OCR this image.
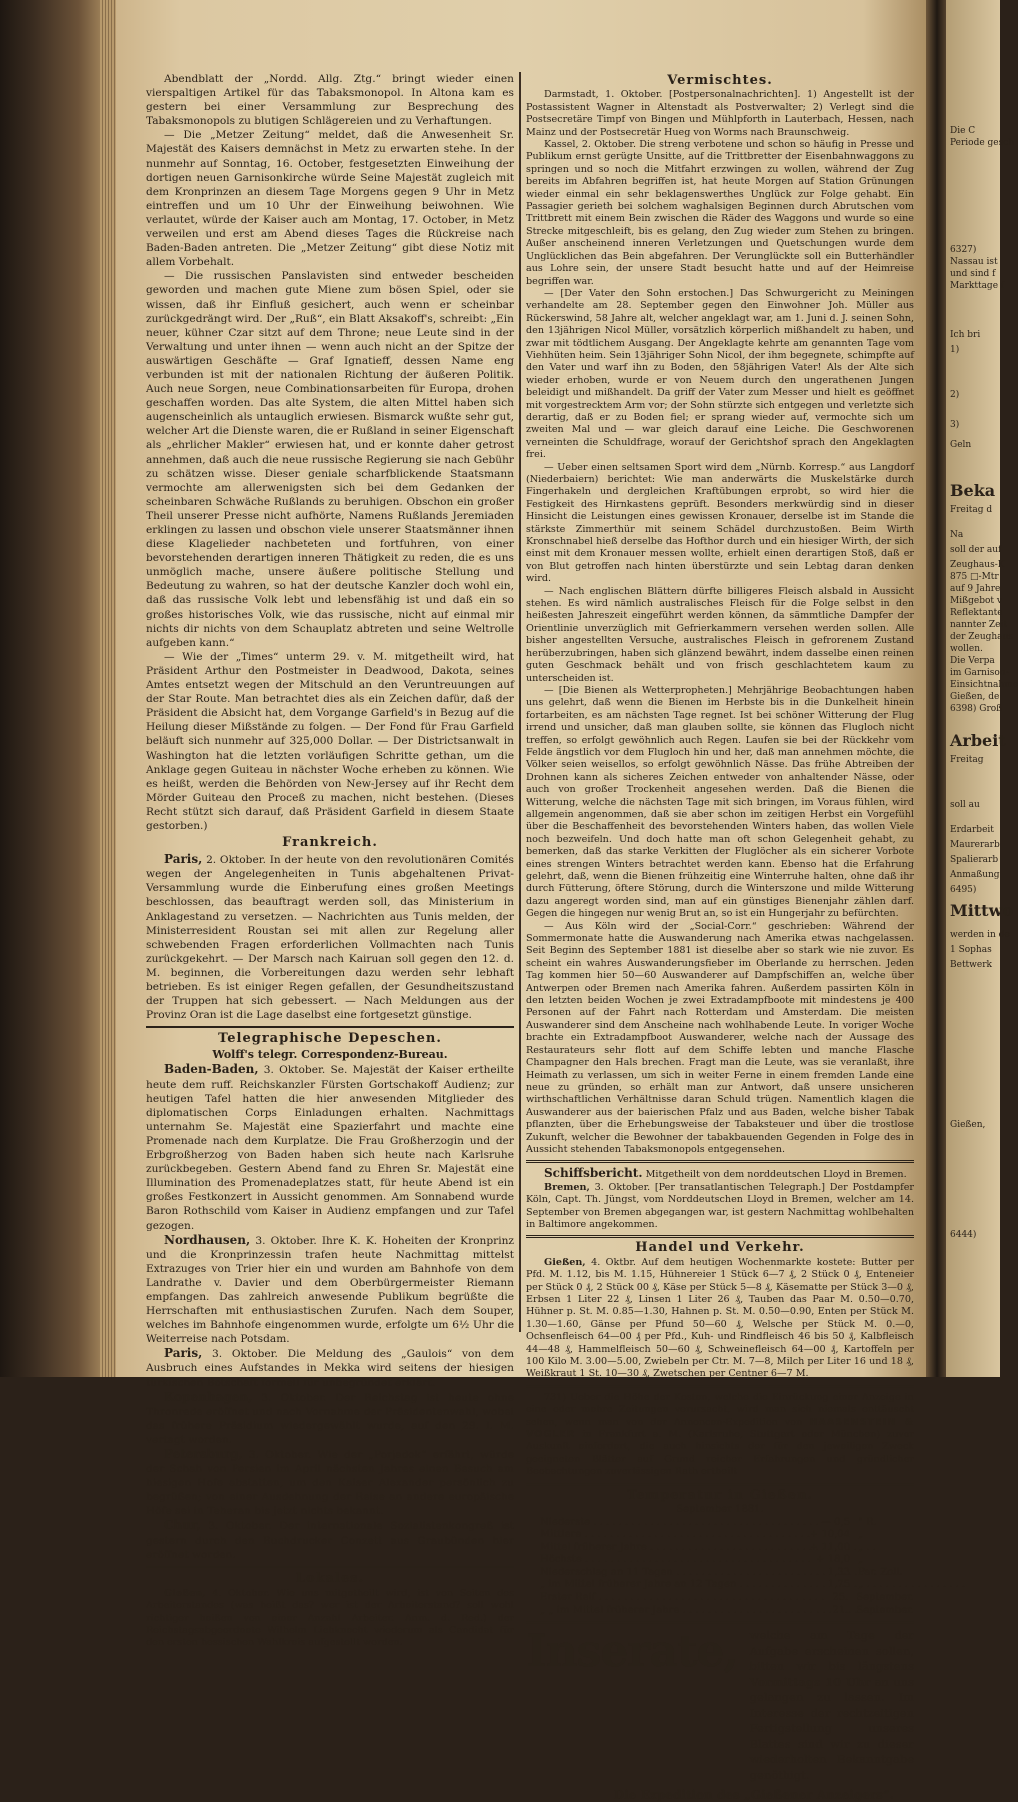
Die C
Periode gesch
6327)
Nassau ist
und sind f
Markttage f
Ich bri
1)
2)
3)
Geln
Beka
Freitag d
Na
soll der auf
Zeughaus-K
875 □-Mtr
auf 9 Jahre
Mißgebot v
Reflektante
nannter Zeit
der Zeughaus
wollen.
Die Verpa
im Garnison-
Einsichtnahme
Gießen, de
6398) Groß
Arbeit
Freitag
soll au
Erdarbeit
Maurerarb
Spalierarb
Anmaßung
6495)
Mittwo
werden in de
1 Sophas
Bettwerk
Gießen,
6444)

Abendblatt der „Nordd. Allg. Ztg.“ bringt wieder einen vierspaltigen Artikel für das Tabaksmonopol. In Altona kam es gestern bei einer Versammlung zur Besprechung des Tabaksmonopols zu blutigen Schlägereien und zu Verhaftungen.

— Die „Metzer Zeitung“ meldet, daß die Anwesenheit Sr. Majestät des Kaisers demnächst in Metz zu erwarten stehe. In der nunmehr auf Sonntag, 16. October, festgesetzten Einweihung der dortigen neuen Garnisonkirche würde Seine Majestät zugleich mit dem Kronprinzen an diesem Tage Morgens gegen 9 Uhr in Metz eintreffen und um 10 Uhr der Einweihung beiwohnen. Wie verlautet, würde der Kaiser auch am Montag, 17. October, in Metz verweilen und erst am Abend dieses Tages die Rückreise nach Baden-Baden antreten. Die „Metzer Zeitung“ gibt diese Notiz mit allem Vorbehalt.

— Die russischen Panslavisten sind entweder bescheiden geworden und machen gute Miene zum bösen Spiel, oder sie wissen, daß ihr Einfluß gesichert, auch wenn er scheinbar zurückgedrängt wird. Der „Ruß“, ein Blatt Aksakoff's, schreibt: „Ein neuer, kühner Czar sitzt auf dem Throne; neue Leute sind in der Verwaltung und unter ihnen — wenn auch nicht an der Spitze der auswärtigen Geschäfte — Graf Ignatieff, dessen Name eng verbunden ist mit der nationalen Richtung der äußeren Politik. Auch neue Sorgen, neue Combinationsarbeiten für Europa, drohen geschaffen worden. Das alte System, die alten Mittel haben sich augenscheinlich als untauglich erwiesen. Bismarck wußte sehr gut, welcher Art die Dienste waren, die er Rußland in seiner Eigenschaft als „ehrlicher Makler“ erwiesen hat, und er konnte daher getrost annehmen, daß auch die neue russische Regierung sie nach Gebühr zu schätzen wisse. Dieser geniale scharfblickende Staatsmann vermochte am allerwenigsten sich bei dem Gedanken der scheinbaren Schwäche Rußlands zu beruhigen. Obschon ein großer Theil unserer Presse nicht aufhörte, Namens Rußlands Jeremiaden erklingen zu lassen und obschon viele unserer Staatsmänner ihnen diese Klagelieder nachbeteten und fortfuhren, von einer bevorstehenden derartigen inneren Thätigkeit zu reden, die es uns unmöglich mache, unsere äußere politische Stellung und Bedeutung zu wahren, so hat der deutsche Kanzler doch wohl ein, daß das russische Volk lebt und lebensfähig ist und daß ein so großes historisches Volk, wie das russische, nicht auf einmal mir nichts dir nichts von dem Schauplatz abtreten und seine Weltrolle aufgeben kann.“

— Wie der „Times“ unterm 29. v. M. mitgetheilt wird, hat Präsident Arthur den Postmeister in Deadwood, Dakota, seines Amtes entsetzt wegen der Mitschuld an den Veruntreuungen auf der Star Route. Man betrachtet dies als ein Zeichen dafür, daß der Präsident die Absicht hat, dem Vorgange Garfield's in Bezug auf die Heilung dieser Mißstände zu folgen. — Der Fond für Frau Garfield beläuft sich nunmehr auf 325,000 Dollar. — Der Districtsanwalt in Washington hat die letzten vorläufigen Schritte gethan, um die Anklage gegen Guiteau in nächster Woche erheben zu können. Wie es heißt, werden die Behörden von New-Jersey auf ihr Recht dem Mörder Guiteau den Proceß zu machen, nicht bestehen. (Dieses Recht stützt sich darauf, daß Präsident Garfield in diesem Staate gestorben.)

Frankreich.

Paris, 2. Oktober. In der heute von den revolutionären Comités wegen der Angelegenheiten in Tunis abgehaltenen Privat-Versammlung wurde die Einberufung eines großen Meetings beschlossen, das beauftragt werden soll, das Ministerium in Anklagestand zu versetzen. — Nachrichten aus Tunis melden, der Ministerresident Roustan sei mit allen zur Regelung aller schwebenden Fragen erforderlichen Vollmachten nach Tunis zurückgekehrt. — Der Marsch nach Kairuan soll gegen den 12. d. M. beginnen, die Vorbereitungen dazu werden sehr lebhaft betrieben. Es ist einiger Regen gefallen, der Gesundheitszustand der Truppen hat sich gebessert. — Nach Meldungen aus der Provinz Oran ist die Lage daselbst eine fortgesetzt günstige.

Telegraphische Depeschen.
Wolff's telegr. Correspondenz-Bureau.

Baden-Baden, 3. Oktober. Se. Majestät der Kaiser ertheilte heute dem ruff. Reichskanzler Fürsten Gortschakoff Audienz; zur heutigen Tafel hatten die hier anwesenden Mitglieder des diplomatischen Corps Einladungen erhalten. Nachmittags unternahm Se. Majestät eine Spazierfahrt und machte eine Promenade nach dem Kurplatze. Die Frau Großherzogin und der Erbgroßherzog von Baden haben sich heute nach Karlsruhe zurückbegeben. Gestern Abend fand zu Ehren Sr. Majestät eine Illumination des Promenadeplatzes statt, für heute Abend ist ein großes Festkonzert in Aussicht genommen. Am Sonnabend wurde Baron Rothschild vom Kaiser in Audienz empfangen und zur Tafel gezogen.

Nordhausen, 3. Oktober. Ihre K. K. Hoheiten der Kronprinz und die Kronprinzessin trafen heute Nachmittag mittelst Extrazuges von Trier hier ein und wurden am Bahnhofe von dem Landrathe v. Davier und dem Oberbürgermeister Riemann empfangen. Das zahlreich anwesende Publikum begrüßte die Herrschaften mit enthusiastischen Zurufen. Nach dem Souper, welches im Bahnhofe eingenommen wurde, erfolgte um 6½ Uhr die Weiterreise nach Potsdam.

Paris, 3. Oktober. Die Meldung des „Gaulois“ von dem Ausbruch eines Aufstandes in Mekka wird seitens der hiesigen türkischen Botschaft formell für unbegründet erklärt.

Kopenhagen, 3. Oktober. Der Reichstag ist heute ohne Thronrede eröffnet und nach Vornahme der Präsidentenwahl, wobei das frühere Präsidium wiedergewählt wurde, auf den 29. l. M. vertagt worden.

Petersburg, 3. Oktober. Wie der „Porjadok“ erfährt, würde der Schah von Persien im April nächsten Jahres einen Besuch am hiesigen Hofe abstatten, um den Kaiser Alexander persönlich zu begrüßen; von einer Ausdehnung der Reise an andere europäische Höfe sei in Teheran bis jetzt nichts bekannt.

Chur, 3. Oktober. Der internationale Sozialistenkongreß ist gestern durch den Buchdrucker Conzett aus Graubünden hier eröffnet worden.

Lokales.

Gießen, 4. Oktober. Wie uns mitgetheilt wird, ist von Seiten des Arbeiterstandes (was heißt das? wer ist der Arbeiterstand? soll wohl richtiger heißen von einer Anzahl Arbeiter. Anm. d. Red.) der Reichstagsabgeordnete Wilhelm Liebknecht wiederum als Candidat für den ersten hessischen Wahlkreis aufgestellt worden.

Vermischtes.

Darmstadt, 1. Oktober. [Postpersonalnachrichten]. 1) Angestellt ist der Postassistent Wagner in Altenstadt als Postverwalter; 2) Verlegt sind die Postsecretäre Timpf von Bingen und Mühlpforth in Lauterbach, Hessen, nach Mainz und der Postsecretär Hueg von Worms nach Braunschweig.

Kassel, 2. Oktober. Die streng verbotene und schon so häufig in Presse und Publikum ernst gerügte Unsitte, auf die Trittbretter der Eisenbahnwaggons zu springen und so noch die Mitfahrt erzwingen zu wollen, während der Zug bereits im Abfahren begriffen ist, hat heute Morgen auf Station Grünungen wieder einmal ein sehr beklagenswerthes Unglück zur Folge gehabt. Ein Passagier gerieth bei solchem waghalsigen Beginnen durch Abrutschen vom Trittbrett mit einem Bein zwischen die Räder des Waggons und wurde so eine Strecke mitgeschleift, bis es gelang, den Zug wieder zum Stehen zu bringen. Außer anscheinend inneren Verletzungen und Quetschungen wurde dem Unglücklichen das Bein abgefahren. Der Verunglückte soll ein Butterhändler aus Lohre sein, der unsere Stadt besucht hatte und auf der Heimreise begriffen war.

— [Der Vater den Sohn erstochen.] Das Schwurgericht zu Meiningen verhandelte am 28. September gegen den Einwohner Joh. Müller aus Rückerswind, 58 Jahre alt, welcher angeklagt war, am 1. Juni d. J. seinen Sohn, den 13jährigen Nicol Müller, vorsätzlich körperlich mißhandelt zu haben, und zwar mit tödtlichem Ausgang. Der Angeklagte kehrte am genannten Tage vom Viehhüten heim. Sein 13jähriger Sohn Nicol, der ihm begegnete, schimpfte auf den Vater und warf ihn zu Boden, den 58jährigen Vater! Als der Alte sich wieder erhoben, wurde er von Neuem durch den ungerathenen Jungen beleidigt und mißhandelt. Da griff der Vater zum Messer und hielt es geöffnet mit vorgestrecktem Arm vor; der Sohn stürzte sich entgegen und verletzte sich derartig, daß er zu Boden fiel; er sprang wieder auf, vermochte sich um zweiten Mal und — war gleich darauf eine Leiche. Die Geschworenen verneinten die Schuldfrage, worauf der Gerichtshof sprach den Angeklagten frei.

— Ueber einen seltsamen Sport wird dem „Nürnb. Korresp.“ aus Langdorf (Niederbaiern) berichtet: Wie man anderwärts die Muskelstärke durch Fingerhakeln und dergleichen Kraftübungen erprobt, so wird hier die Festigkeit des Hirnkastens geprüft. Besonders merkwürdig sind in dieser Hinsicht die Leistungen eines gewissen Kronauer, derselbe ist im Stande die stärkste Zimmerthür mit seinem Schädel durchzustoßen. Beim Wirth Kronschnabel hieß derselbe das Hofthor durch und ein hiesiger Wirth, der sich einst mit dem Kronauer messen wollte, erhielt einen derartigen Stoß, daß er von Blut getroffen nach hinten überstürzte und sein Lebtag daran denken wird.

— Nach englischen Blättern dürfte billigeres Fleisch alsbald in Aussicht stehen. Es wird nämlich australisches Fleisch für die Folge selbst in den heißesten Jahreszeit eingeführt werden können, da sämmtliche Dampfer der Orientlinie unverzüglich mit Gefrierkammern versehen werden sollen. Alle bisher angestellten Versuche, australisches Fleisch in gefrorenem Zustand herüberzubringen, haben sich glänzend bewährt, indem dasselbe einen reinen guten Geschmack behält und von frisch geschlachtetem kaum zu unterscheiden ist.

— [Die Bienen als Wetterpropheten.] Mehrjährige Beobachtungen haben uns gelehrt, daß wenn die Bienen im Herbste bis in die Dunkelheit hinein fortarbeiten, es am nächsten Tage regnet. Ist bei schöner Witterung der Flug irrend und unsicher, daß man glauben sollte, sie können das Flugloch nicht treffen, so erfolgt gewöhnlich auch Regen. Laufen sie bei der Rückkehr vom Felde ängstlich vor dem Flugloch hin und her, daß man annehmen möchte, die Völker seien weisellos, so erfolgt gewöhnlich Nässe. Das frühe Abtreiben der Drohnen kann als sicheres Zeichen entweder von anhaltender Nässe, oder auch von großer Trockenheit angesehen werden. Daß die Bienen die Witterung, welche die nächsten Tage mit sich bringen, im Voraus fühlen, wird allgemein angenommen, daß sie aber schon im zeitigen Herbst ein Vorgefühl über die Beschaffenheit des bevorstehenden Winters haben, das wollen Viele noch bezweifeln. Und doch hatte man oft schon Gelegenheit gehabt, zu bemerken, daß das starke Verkitten der Fluglöcher als ein sicherer Vorbote eines strengen Winters betrachtet werden kann. Ebenso hat die Erfahrung gelehrt, daß, wenn die Bienen frühzeitig eine Winterruhe halten, ohne daß ihr durch Fütterung, öftere Störung, durch die Winterszone und milde Witterung dazu angeregt worden sind, man auf ein günstiges Bienenjahr zählen darf. Gegen die hingegen nur wenig Brut an, so ist ein Hungerjahr zu befürchten.

— Aus Köln wird der „Social-Corr.“ geschrieben: Während der Sommermonate hatte die Auswanderung nach Amerika etwas nachgelassen. Seit Beginn des September 1881 ist dieselbe aber so stark wie nie zuvor. Es scheint ein wahres Auswanderungsfieber im Oberlande zu herrschen. Jeden Tag kommen hier 50—60 Auswanderer auf Dampfschiffen an, welche über Antwerpen oder Bremen nach Amerika fahren. Außerdem passirten Köln in den letzten beiden Wochen je zwei Extradampfboote mit mindestens je 400 Personen auf der Fahrt nach Rotterdam und Amsterdam. Die meisten Auswanderer sind dem Anscheine nach wohlhabende Leute. In voriger Woche brachte ein Extradampfboot Auswanderer, welche nach der Aussage des Restaurateurs sehr flott auf dem Schiffe lebten und manche Flasche Champagner den Hals brechen. Fragt man die Leute, was sie veranlaßt, ihre Heimath zu verlassen, um sich in weiter Ferne in einem fremden Lande eine neue zu gründen, so erhält man zur Antwort, daß unsere unsicheren wirthschaftlichen Verhältnisse daran Schuld trügen. Namentlich klagen die Auswanderer aus der baierischen Pfalz und aus Baden, welche bisher Tabak pflanzten, über die Erhebungsweise der Tabaksteuer und über die trostlose Zukunft, welcher die Bewohner der tabakbauenden Gegenden in Folge des in Aussicht stehenden Tabaksmonopols entgegensehen.

Schiffsbericht. Mitgetheilt von dem norddeutschen Lloyd in Bremen.

Bremen, 3. Oktober. [Per transatlantischen Telegraph.] Der Postdampfer Köln, Capt. Th. Jüngst, vom Norddeutschen Lloyd in Bremen, welcher am 14. September von Bremen abgegangen war, ist gestern Nachmittag wohlbehalten in Baltimore angekommen.

Handel und Verkehr.

Gießen, 4. Oktbr. Auf dem heutigen Wochenmarkte kostete: Butter per Pfd. M. 1.12, bis M. 1.15, Hühnereier 1 Stück 6—7 ₰, 2 Stück 0 ₰, Enteneier per Stück 0 ₰, 2 Stück 00 ₰, Käse per Stück 5—8 ₰, Käsematte per Stück 3—0 ₰, Erbsen 1 Liter 22 ₰, Linsen 1 Liter 26 ₰, Tauben das Paar M. 0.50—0.70, Hühner p. St. M. 0.85—1.30, Hahnen p. St. M. 0.50—0.90, Enten per Stück M. 1.30—1.60, Gänse per Pfund 50—60 ₰, Welsche per Stück M. 0.—0, Ochsenfleisch 64—00 ₰ per Pfd., Kuh- und Rindfleisch 46 bis 50 ₰, Kalbfleisch 44—48 ₰, Hammelfleisch 50—60 ₰, Schweinefleisch 64—00 ₰, Kartoffeln per 100 Kilo M. 3.00—5.00, Zwiebeln per Ctr. M. 7—8, Milch per Liter 16 und 18 ₰, Weißkraut 1 St. 10—30 ₰, Zwetschen per Centner 6—7 M.

731) Ueber die Höhe der Kosten, welche die Einrückung einer Anzeige in eine oder mehre Zeitungen verursacht, wird man sich niemals enttäuscht sehen, wenn man von der Annoncen-Expedition von HAASENSTEIN & VOGLER in Frankfurt a. M. (Karlsruhe, Stuttgart oder München) zuvor Auskunft einfordert, die auch hinsichts der für den jeweiligen Zweck geeigneten Blätter auf Grund reicher Erfahrungen und gründlicher Beobachtungen zuverlässigen Rath ertheilt

Temperatur in Gießen.
September 1881.
Niederste . . .	— 0,5 ° R.
Mittlere . . .	+ 10,04 „
Mittel früherer Jahre . . .	+ 11,00 „
Höchste . . .	+ 18,0 „
Niederschlag an 11 Tagen . . .	1,33 Par. Zoll.
„ im Mittel früherer Jahre an 12 Tagen . . .	1,75 „
Erster Reif . . .	25. September.
„ „ im Mittel früherer Jahre . . .	21. September.
Inserate, welche am Tage der Aufgabe erscheinen sollen, bitten wir bis längstens Vormittags 10 Uhr an uns gelangen zu lassen. Im Interesse der rechtzeitigen Fertigstellung unseres Blattes sind wir zu dieser wiederholten Bekanntgabe genöthigt.
Die Expedition des „Gießener Anzeigers“.
